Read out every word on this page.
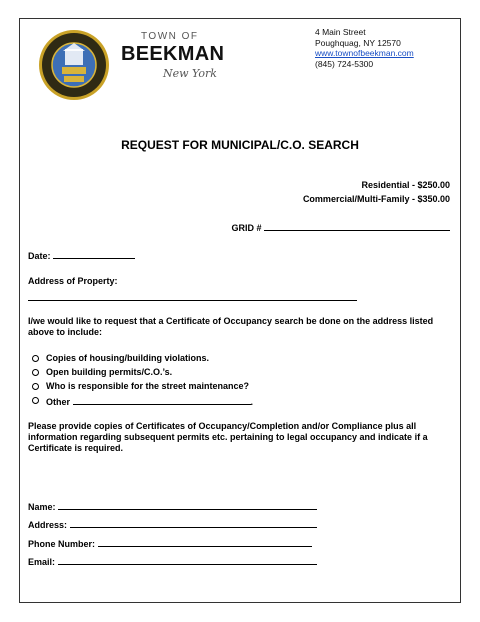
TOWN OF
BEEKMAN
New York
4 Main Street
Poughquag, NY 12570
www.townofbeekman.com
(845) 724-5300
REQUEST FOR MUNICIPAL/C.O. SEARCH
Residential - $250.00
Commercial/Multi-Family - $350.00
GRID #
Date:
Address of Property:
I/we would like to request that a Certificate of Occupancy search be done on the address listed above to include:
Copies of housing/building violations.
Open building permits/C.O.’s.
Who is responsible for the street maintenance?
Other	.
Please provide copies of Certificates of Occupancy/Completion and/or Compliance plus all information regarding subsequent permits etc. pertaining to legal occupancy and indicate if a Certificate is required.
Name:
Address:
Phone Number:
Email:
